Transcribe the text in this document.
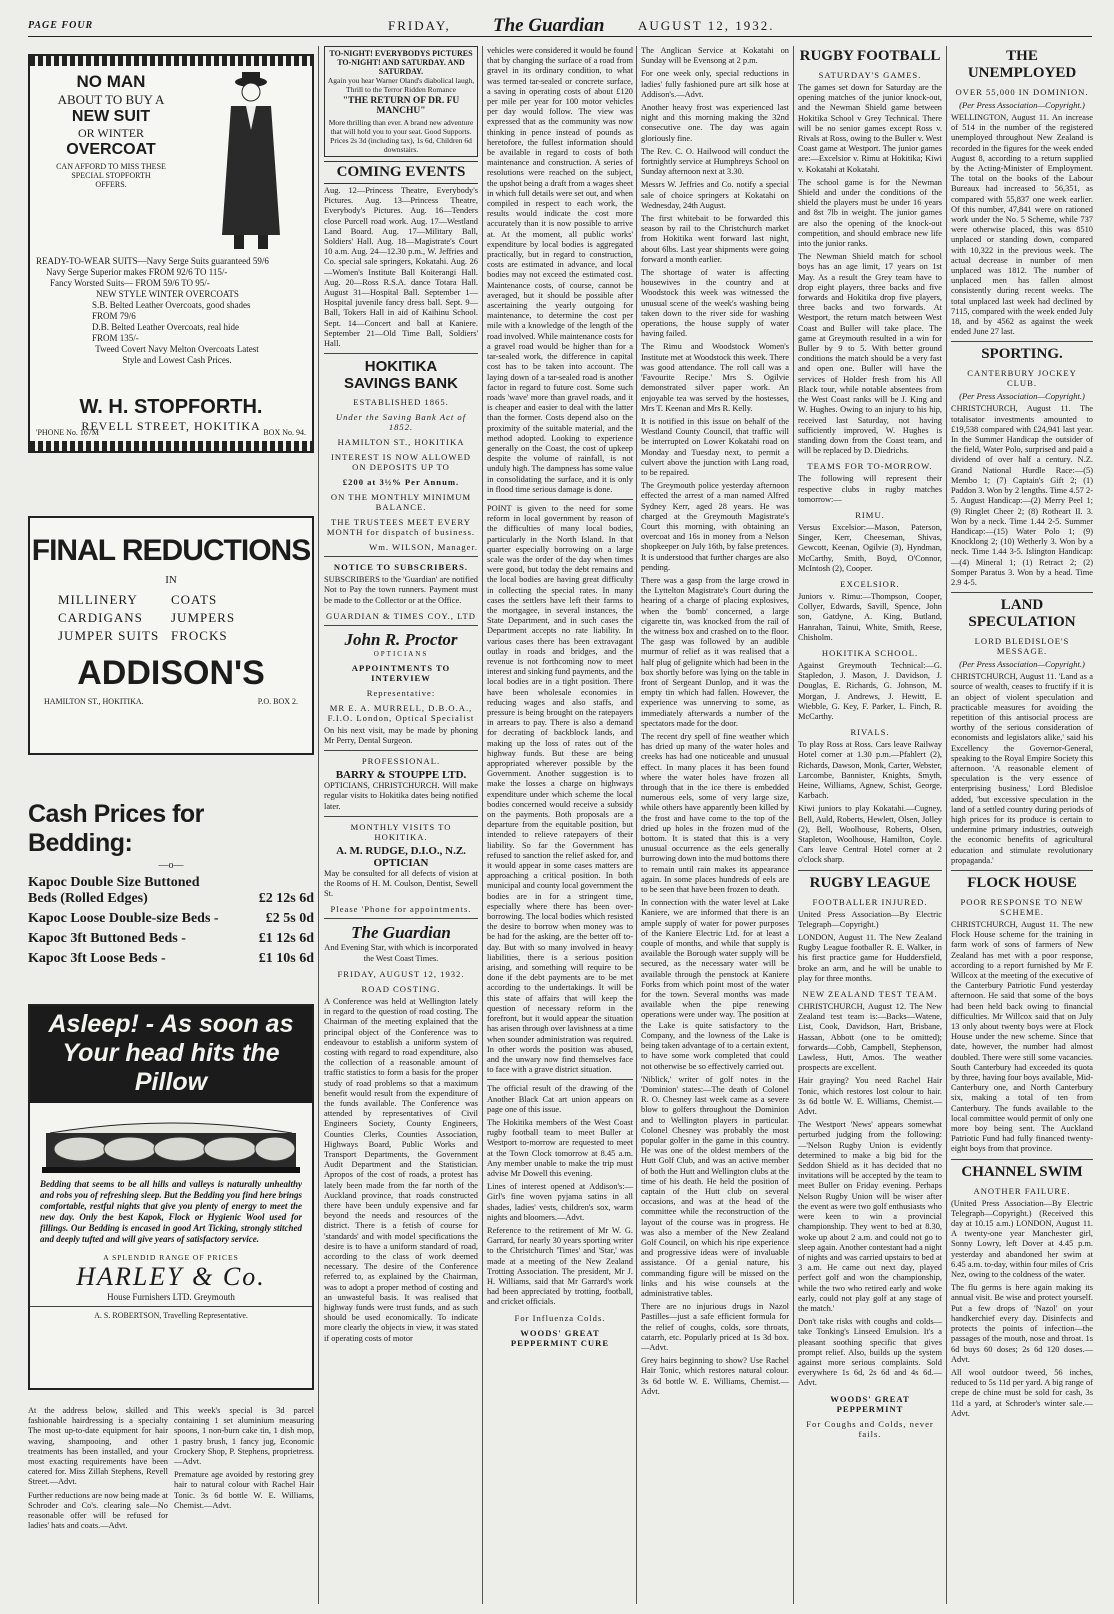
PAGE FOUR	FRIDAY, The Guardian	AUGUST 12, 1932.
NO MAN
ABOUT TO BUY A
NEW SUIT
OR WINTER
OVERCOAT
CAN AFFORD TO MISS THESE
SPECIAL STOPFORTH
OFFERS.
READY-TO-WEAR SUITS—Navy Serge Suits guaranteed 59/6
Navy Serge Superior makes FROM 92/6 TO 115/-
Fancy Worsted Suits— FROM 59/6 TO 95/-
NEW STYLE WINTER OVERCOATS
S.B. Belted Leather Overcoats, good shades FROM 79/6
D.B. Belted Leather Overcoats, real hide FROM 135/-
Tweed Covert Navy Melton Overcoats Latest Style and Lowest Cash Prices.
W. H. STOPFORTH.
REVELL STREET, HOKITIKA
'PHONE No. 167M	BOX No. 94.
FINAL REDUCTIONS
IN
MILLINERY	COATS
CARDIGANS	JUMPERS
JUMPER SUITS FROCKS
ADDISON'S
HAMILTON ST., HOKITIKA.	P.O. BOX 2.
Cash Prices for Bedding:
—o—
Kapoc Double Size Buttoned Beds (Rolled Edges)	£2 12s 6d
Kapoc Loose Double-size Beds -	£2 5s 0d
Kapoc 3ft Buttoned Beds -	£1 12s 6d
Kapoc 3ft Loose Beds -	£1 10s 6d
Asleep! - As soon as
Your head hits the Pillow
Bedding that seems to be all hills and valleys is naturally unhealthy and robs you of refreshing sleep. But the Bedding you find here brings comfortable, restful nights that give you plenty of energy to meet the new day. Only the best Kapok, Flock or Hygienic Wool used for fillings. Our Bedding is encased in good Art Ticking, strongly stitched and deeply tufted and will give years of satisfactory service.
A SPLENDID RANGE OF PRICES
HARLEY & Co.
House Furnishers LTD. Greymouth
A. S. ROBERTSON, Travelling Representative.

At the address below, skilled and fashionable hairdressing is a specialty The most up-to-date equipment for hair waving, shampooing, and other treatments has been installed, and your most exacting requirements have been catered for. Miss Zillah Stephens, Revell Street.—Advt.

Further reductions are now being made at Schroder and Co's. clearing sale—No reasonable offer will be refused for ladies' hats and coats.—Advt.

This week's special is 3d parcel containing 1 set aluminium measuring spoons, 1 non-burn cake tin, 1 dish mop, 1 pastry brush, 1 fancy jug, Economic Crockery Shop, P. Stephens, proprietress.—Advt.

Premature age avoided by restoring grey hair to natural colour with Rachel Hair Tonic. 3s 6d bottle W. E. Williams, Chemist.—Advt.

TO-NIGHT! EVERYBODYS PICTURES TO-NIGHT! AND SATURDAY. AND SATURDAY.
Again you hear Warner Oland's diabolical laugh, Thrill to the Terror Ridden Romance
"THE RETURN OF DR. FU MANCHU"
More thrilling than ever. A brand new adventure that will hold you to your seat. Good Supports.
Prices 2s 3d (including tax), 1s 6d, Children 6d downstairs.
COMING EVENTS

Aug. 12—Princess Theatre, Everybody's Pictures. Aug. 13—Princess Theatre, Everybody's Pictures. Aug. 16—Tenders close Purcell road work. Aug. 17—Westland Land Board. Aug. 17—Military Ball, Soldiers' Hall. Aug. 18—Magistrate's Court 10 a.m. Aug. 24—12.30 p.m., W. Jeffries and Co. special sale springers, Kokatahi. Aug. 26—Women's Institute Ball Koiterangi Hall. Aug. 20—Ross R.S.A. dance Totara Hall. August 31—Hospital Ball. September 1—Hospital juvenile fancy dress ball. Sept. 9—Ball, Tokers Hall in aid of Kaihinu School. Sept. 14—Concert and ball at Kaniere. September 21—Old Time Ball, Soldiers' Hall.

HOKITIKA
SAVINGS BANK
ESTABLISHED 1865.
Under the Saving Bank Act of 1852.
HAMILTON ST., HOKITIKA
INTEREST IS NOW ALLOWED ON DEPOSITS UP TO
£200 at 3½% Per Annum.
ON THE MONTHLY MINIMUM BALANCE.
THE TRUSTEES MEET EVERY MONTH for dispatch of business.
Wm. WILSON, Manager.
NOTICE TO SUBSCRIBERS.

SUBSCRIBERS to the 'Guardian' are notified Not to Pay the town runners. Payment must be made to the Collector or at the Office.

GUARDIAN & TIMES COY., LTD
John R. Proctor
OPTICIANS
APPOINTMENTS TO INTERVIEW
Representative:
MR E. A. MURRELL, D.B.O.A., F.I.O. London, Optical Specialist

On his next visit, may be made by phoning Mr Perry, Dental Surgeon.

PROFESSIONAL.
BARRY & STOUPPE LTD.

OPTICIANS, CHRISTCHURCH. Will make regular visits to Hokitika dates being notified later.

MONTHLY VISITS TO HOKITIKA.
A. M. RUDGE, D.I.O., N.Z. OPTICIAN

May be consulted for all defects of vision at the Rooms of H. M. Coulson, Dentist, Sewell St.

Please 'Phone for appointments.
The Guardian

And Evening Star, with which is incorporated the West Coast Times.

FRIDAY, AUGUST 12, 1932.
ROAD COSTING.

A Conference was held at Wellington lately in regard to the question of road costing. The Chairman of the meeting explained that the principal object of the Conference was to endeavour to establish a uniform system of costing with regard to road expenditure, also the collection of a reasonable amount of traffic statistics to form a basis for the proper study of road problems so that a maximum benefit would result from the expenditure of the funds available. The Conference was attended by representatives of Civil Engineers Society, County Engineers, Counties Clerks, Counties Association, Highways Board, Public Works and Transport Departments, the Government Audit Department and the Statistician. Apropos of the cost of roads, a protest has lately been made from the far north of the Auckland province, that roads constructed there have been unduly expensive and far beyond the needs and resources of the district. There is a fetish of course for 'standards' and with model specifications the desire is to have a uniform standard of road, according to the class of work deemed necessary. The desire of the Conference referred to, as explained by the Chairman, was to adopt a proper method of costing and an unwasteful basis. It was realised that highway funds were trust funds, and as such should be used economically. To indicate more clearly the objects in view, it was stated if operating costs of motor

vehicles were considered it would be found that by changing the surface of a road from gravel in its ordinary condition, to what was termed tar-sealed or concrete surface, a saving in operating costs of about £120 per mile per year for 100 motor vehicles per day would follow. The view was expressed that as the community was now thinking in pence instead of pounds as heretofore, the fullest information should be available in regard to costs of both maintenance and construction. A series of resolutions were reached on the subject, the upshot being a draft from a wages sheet in which full details were set out, and when compiled in respect to each work, the results would indicate the cost more accurately than it is now possible to arrive at. At the moment, all public works' expenditure by local bodies is aggregated practically, but in regard to construction, costs are estimated in advance, and local bodies may not exceed the estimated cost. Maintenance costs, of course, cannot be averaged, but it should be possible after ascertaining the yearly outgoing for maintenance, to determine the cost per mile with a knowledge of the length of the road involved. While maintenance costs for a gravel road would be higher than for a tar-sealed work, the difference in capital cost has to be taken into account. The laying down of a tar-sealed road is another factor in regard to future cost. Some such roads 'wave' more than gravel roads, and it is cheaper and easier to deal with the latter than the former. Costs depend also on the proximity of the suitable material, and the method adopted. Looking to experience generally on the Coast, the cost of upkeep despite the volume of rainfall, is not unduly high. The dampness has some value in consolidating the surface, and it is only in flood time serious damage is done.

POINT is given to the need for some reform in local government by reason of the difficulties of many local bodies, particularly in the North Island. In that quarter especially borrowing on a large scale was the order of the day when times were good, but today the debt remains and the local bodies are having great difficulty in collecting the special rates. In many cases the settlers have left their farms to the mortgagee, in several instances, the State Department, and in such cases the Department accepts no rate liability. In various cases there has been extravagant outlay in roads and bridges, and the revenue is not forthcoming now to meet interest and sinking fund payments, and the local bodies are in a tight position. There have been wholesale economies in reducing wages and also staffs, and pressure is being brought on the ratepayers in arrears to pay. There is also a demand for decrating of backblock lands, and making up the loss of rates out of the highway funds. But these are being appropriated wherever possible by the Government. Another suggestion is to make the losses a charge on highways expenditure under which scheme the local bodies concerned would receive a subsidy on the payments. Both proposals are a departure from the equitable position, but intended to relieve ratepayers of their liability. So far the Government has refused to sanction the relief asked for, and it would appear in some cases matters are approaching a critical position. In both municipal and county local government the bodies are in for a stringent time, especially where there has been over-borrowing. The local bodies which resisted the desire to borrow when money was to be had for the asking, are the better off to-day. But with so many involved in heavy liabilities, there is a serious position arising, and something will require to be done if the debt payments are to be met according to the undertakings. It will be this state of affairs that will keep the question of necessary reform in the forefront, but it would appear the situation has arisen through over lavishness at a time when sounder administration was required. In other words the position was abused, and the unwary now find themselves face to face with a grave district situation.

The official result of the drawing of the Another Black Cat art union appears on page one of this issue.

The Hokitika members of the West Coast rugby football team to meet Buller at Westport to-morrow are requested to meet at the Town Clock tomorrow at 8.45 a.m. Any member unable to make the trip must advise Mr Dowell this evening.

Lines of interest opened at Addison's:—Girl's fine woven pyjama satins in all shades, ladies' vests, children's sox, warm nights and bloomers.—Advt.

Reference to the retirement of Mr W. G. Garrard, for nearly 30 years sporting writer to the Christchurch 'Times' and 'Star,' was made at a meeting of the New Zealand Trotting Association. The president, Mr J. H. Williams, said that Mr Garrard's work had been appreciated by trotting, football, and cricket officials.

For Influenza Colds.
WOODS' GREAT PEPPERMINT CURE

The Anglican Service at Kokatahi on Sunday will be Evensong at 2 p.m.

For one week only, special reductions in ladies' fully fashioned pure art silk hose at Addison's.—Advt.

Another heavy frost was experienced last night and this morning making the 32nd consecutive one. The day was again gloriously fine.

The Rev. C. O. Hailwood will conduct the fortnightly service at Humphreys School on Sunday afternoon next at 3.30.

Messrs W. Jeffries and Co. notify a special sale of choice springers at Kokatahi on Wednesday, 24th August.

The first whitebait to be forwarded this season by rail to the Christchurch market from Hokitika went forward last night, about 6lbs. Last year shipments were going forward a month earlier.

The shortage of water is affecting housewives in the country and at Woodstock this week was witnessed the unusual scene of the week's washing being taken down to the river side for washing operations, the house supply of water having failed.

The Rimu and Woodstock Women's Institute met at Woodstock this week. There was good attendance. The roll call was a 'Favourite Recipe.' Mrs S. Ogilvie demonstrated silver paper work. An enjoyable tea was served by the hostesses, Mrs T. Keenan and Mrs R. Kelly.

It is notified in this issue on behalf of the Westland County Council, that traffic will be interrupted on Lower Kokatahi road on Monday and Tuesday next, to permit a culvert above the junction with Lang road, to be repaired.

The Greymouth police yesterday afternoon effected the arrest of a man named Alfred Sydney Kerr, aged 28 years. He was charged at the Greymouth Magistrate's Court this morning, with obtaining an overcoat and 16s in money from a Nelson shopkeeper on July 16th, by false pretences. It is understood that further charges are also pending.

There was a gasp from the large crowd in the Lyttelton Magistrate's Court during the hearing of a charge of placing explosives, when the 'bomb' concerned, a large cigarette tin, was knocked from the rail of the witness box and crashed on to the floor. The gasp was followed by an audible murmur of relief as it was realised that a half plug of gelignite which had been in the box shortly before was lying on the table in front of Sergeant Dunlop, and it was the empty tin which had fallen. However, the experience was unnerving to some, as immediately afterwards a number of the spectators made for the door.

The recent dry spell of fine weather which has dried up many of the water holes and creeks has had one noticeable and unusual effect. In many places it has been found where the water holes have frozen all through that in the ice there is embedded numerous eels, some of very large size, while others have apparently been killed by the frost and have come to the top of the dried up holes in the frozen mud of the bottom. It is stated that this is a very unusual occurrence as the eels generally burrowing down into the mud bottoms there to remain until rain makes its appearance again. In some places hundreds of eels are to be seen that have been frozen to death.

In connection with the water level at Lake Kaniere, we are informed that there is an ample supply of water for power purposes of the Kaniere Electric Ltd. for at least a couple of months, and while that supply is available the Borough water supply will be secured, as the necessary water will be available through the penstock at Kaniere Forks from which point most of the water for the town. Several months was made available when the pipe renewing operations were under way. The position at the Lake is quite satisfactory to the Company, and the lowness of the Lake is being taken advantage of to a certain extent, to have some work completed that could not otherwise be so effectively carried out.

'Niblick,' writer of golf notes in the 'Dominion' states:—The death of Colonel R. O. Chesney last week came as a severe blow to golfers throughout the Dominion and to Wellington players in particular. Colonel Chesney was probably the most popular golfer in the game in this country. He was one of the oldest members of the Hutt Golf Club, and was an active member of both the Hutt and Wellington clubs at the time of his death. He held the position of captain of the Hutt club on several occasions, and was at the head of the committee while the reconstruction of the layout of the course was in progress. He was also a member of the New Zealand Golf Council, on which his ripe experience and progressive ideas were of invaluable assistance. Of a genial nature, his commanding figure will be missed on the links and his wise counsels at the administrative tables.

There are no injurious drugs in Nazol Pastilles—just a safe efficient formula for the relief of coughs, colds, sore throats, catarrh, etc. Popularly priced at 1s 3d box.—Advt.

Grey hairs beginning to show? Use Rachel Hair Tonic, which restores natural colour. 3s 6d bottle W. E. Williams, Chemist.—Advt.

RUGBY FOOTBALL
SATURDAY'S GAMES.

The games set down for Saturday are the opening matches of the junior knock-out, and the Newman Shield game between Hokitika School v Grey Technical. There will be no senior games except Ross v. Rivals at Ross, owing to the Buller v. West Coast game at Westport. The junior games are:—Excelsior v. Rimu at Hokitika; Kiwi v. Kokatahi at Kokatahi.

The school game is for the Newman Shield and under the conditions of the shield the players must be under 16 years and 8st 7lb in weight. The junior games are also the opening of the knock-out competition, and should embrace new life into the junior ranks.

The Newman Shield match for school boys has an age limit, 17 years on 1st May. As a result the Grey team have to drop eight players, three backs and five forwards and Hokitika drop five players, three backs and two forwards. At Westport, the return match between West Coast and Buller will take place. The game at Greymouth resulted in a win for Buller by 9 to 5. With better ground conditions the match should be a very fast and open one. Buller will have the services of Holder fresh from his All Black tour, while notable absentees from the West Coast ranks will be J. King and W. Hughes. Owing to an injury to his hip, received last Saturday, not having sufficiently improved, W. Hughes is standing down from the Coast team, and will be replaced by D. Diedrichs.

TEAMS FOR TO-MORROW.

The following will represent their respective clubs in rugby matches tomorrow:—

RIMU.

Versus Excelsior:—Mason, Paterson, Singer, Kerr, Cheeseman, Shivas, Gewcott, Keenan, Ogilvie (3), Hyndman, McCarthy, Smith, Boyd, O'Connor, McIntosh (2), Cooper.

EXCELSIOR.

Juniors v. Rimu:—Thompson, Cooper, Collyer, Edwards, Savill, Spence, John son, Gatdyne, A. King, Butland, Hanrahan, Tainui, White, Smith, Reese, Chisholm.

HOKITIKA SCHOOL.

Against Greymouth Technical:—G. Stapledon, J. Mason, J. Davidson, J. Douglas, E. Richards, G. Johnson, M. Morgan, J. Andrews, J. Hewitt, E. Wiebble, G. Key, F. Parker, L. Finch, R. McCarthy.

RIVALS.

To play Ross at Ross. Cars leave Railway Hotel corner at 1.30 p.m.—Pfahlert (2), Richards, Dawson, Monk, Carter, Webster, Larcombe, Bannister, Knights, Smyth, Heine, Williams, Agnew, Schist, George, Karbach.

Kiwi juniors to play Kokatahi.—Cugney, Bell, Auld, Roberts, Hewlett, Olsen, Jolley (2), Bell, Woolhouse, Roberts, Olsen, Stapleton, Woolhouse, Hamilton, Coyle. Cars leave Central Hotel corner at 2 o'clock sharp.

RUGBY LEAGUE
FOOTBALLER INJURED.

United Press Association—By Electric Telegraph—Copyright.)

LONDON, August 11. The New Zealand Rugby League footballer R. E. Walker, in his first practice game for Huddersfield, broke an arm, and he will be unable to play for three months.

NEW ZEALAND TEST TEAM.

CHRISTCHURCH, August 12. The New Zealand test team is:—Backs—Watene, List, Cook, Davidson, Hart, Brisbane, Hassan, Abbott (one to be omitted); forwards—Cobb, Campbell, Stephenson, Lawless, Hutt, Amos. The weather prospects are excellent.

Hair graying? You need Rachel Hair Tonic, which restores lost colour to hair. 3s 6d bottle W. E. Williams, Chemist.—Advt.

The Westport 'News' appears somewhat perturbed judging from the following:—'Nelson Rugby Union is evidently determined to make a big bid for the Seddon Shield as it has decided that no invitations will be accepted by the team to meet Buller on Friday evening. Perhaps Nelson Rugby Union will be wiser after the event as were two golf enthusiasts who were keen to win a provincial championship. They went to bed at 8.30, woke up about 2 a.m. and could not go to sleep again. Another contestant had a night of nights and was carried upstairs to bed at 3 a.m. He came out next day, played perfect golf and won the championship, while the two who retired early and woke early, could not play golf at any stage of the match.'

Don't take risks with coughs and colds—take Tonking's Linseed Emulsion. It's a pleasant soothing specific that gives prompt relief. Also, builds up the system against more serious complaints. Sold everywhere 1s 6d, 2s 6d and 4s 6d.—Advt.

WOODS' GREAT PEPPERMINT
For Coughs and Colds, never fails.
THE UNEMPLOYED
OVER 55,000 IN DOMINION.
(Per Press Association—Copyright.)

WELLINGTON, August 11. An increase of 514 in the number of the registered unemployed throughout New Zealand is recorded in the figures for the week ended August 8, according to a return supplied by the Acting-Minister of Employment. The total on the books of the Labour Bureaux had increased to 56,351, as compared with 55,837 one week earlier. Of this number, 47,841 were on rationed work under the No. 5 Scheme, while 737 were otherwise placed, this was 8510 unplaced or standing down, compared with 10,322 in the previous week. The actual decrease in number of men unplaced was 1812. The number of unplaced men has fallen almost consistently during recent weeks. The total unplaced last week had declined by 7115, compared with the week ended July 18, and by 4562 as against the week ended June 27 last.

SPORTING.
CANTERBURY JOCKEY CLUB.
(Per Press Association—Copyright.)

CHRISTCHURCH, August 11. The totalisator investments amounted to £19,538 compared with £24,941 last year. In the Summer Handicap the outsider of the field, Water Polo, surprised and paid a dividend of over half a century. N.Z. Grand National Hurdle Race:—(5) Membo 1; (7) Captain's Gift 2; (1) Paddon 3. Won by 2 lengths. Time 4.57 2-5. August Handicap:—(2) Merry Peel 1; (9) Ringlet Cheer 2; (8) Rotheart II. 3. Won by a neck. Time 1.44 2-5. Summer Handicap:—(15) Water Polo 1; (9) Knocklong 2; (10) Wetherly 3. Won by a neck. Time 1.44 3-5. Islington Handicap:—(4) Mineral 1; (1) Retract 2; (2) Somper Paratus 3. Won by a head. Time 2.9 4-5.

LAND SPECULATION
LORD BLEDISLOE'S MESSAGE.
(Per Press Association—Copyright.)

CHRISTCHURCH, August 11. 'Land as a source of wealth, ceases to fructify if it is an object of violent speculation and practicable measures for avoiding the repetition of this antisocial process are worthy of the serious consideration of economists and legislators alike,' said his Excellency the Governor-General, speaking to the Royal Empire Society this afternoon. 'A reasonable element of speculation is the very essence of enterprising business,' Lord Bledisloe added, 'but excessive speculation in the land of a settled country during periods of high prices for its produce is certain to undermine primary industries, outweigh the economic benefits of agricultural education and stimulate revolutionary propaganda.'

FLOCK HOUSE
POOR RESPONSE TO NEW SCHEME.

CHRISTCHURCH, August 11. The new Flock House scheme for the training in farm work of sons of farmers of New Zealand has met with a poor response, according to a report furnished by Mr F. Willcox at the meeting of the executive of the Canterbury Patriotic Fund yesterday afternoon. He said that some of the boys had been held back owing to financial difficulties. Mr Willcox said that on July 13 only about twenty boys were at Flock House under the new scheme. Since that date, however, the number had almost doubled. There were still some vacancies. South Canterbury had exceeded its quota by three, having four boys available, Mid-Canterbury one, and North Canterbury six, making a total of ten from Canterbury. The funds available to the local committee would permit of only one more boy being sent. The Auckland Patriotic Fund had fully financed twenty-eight boys from that province.

CHANNEL SWIM
ANOTHER FAILURE.

(United Press Association—By Electric Telegraph—Copyright.) (Received this day at 10.15 a.m.) LONDON, August 11. A twenty-one year Manchester girl, Sonny Lowry, left Dover at 4.45 p.m. yesterday and abandoned her swim at 6.45 a.m. to-day, within four miles of Cris Nez, owing to the coldness of the water.

The flu germs is here again making its annual visit. Be wise and protect yourself. Put a few drops of 'Nazol' on your handkerchief every day. Disinfects and protects the points of infection—the passages of the mouth, nose and throat. 1s 6d buys 60 doses; 2s 6d 120 doses.—Advt.

All wool outdoor tweed, 56 inches, reduced to 5s 11d per yard. A big range of crepe de chine must be sold for cash, 3s 11d a yard, at Schroder's winter sale.—Advt.
